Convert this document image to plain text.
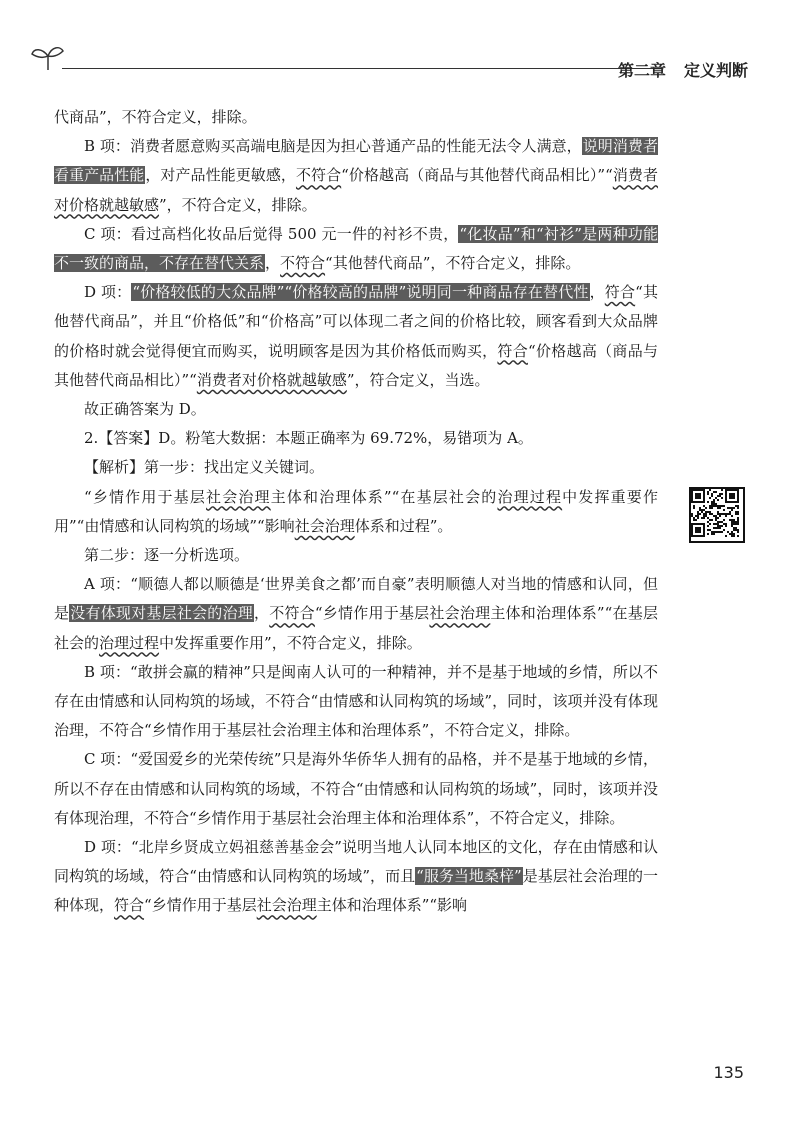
第二章 定义判断

代商品”，不符合定义，排除。

B 项：消费者愿意购买高端电脑是因为担心普通产品的性能无法令人满意，说明消费者看重产品性能，对产品性能更敏感，不符合“价格越高（商品与其他替代商品相比）”“消费者对价格就越敏感”，不符合定义，排除。

C 项：看过高档化妆品后觉得 500 元一件的衬衫不贵，“化妆品”和“衬衫”是两种功能不一致的商品，不存在替代关系，不符合“其他替代商品”，不符合定义，排除。

D 项：“价格较低的大众品牌”“价格较高的品牌”说明同一种商品存在替代性，符合“其他替代商品”，并且“价格低”和“价格高”可以体现二者之间的价格比较，顾客看到大众品牌的价格时就会觉得便宜而购买，说明顾客是因为其价格低而购买，符合“价格越高（商品与其他替代商品相比）”“消费者对价格就越敏感”，符合定义，当选。

故正确答案为 D。

2.【答案】D。粉笔大数据：本题正确率为 69.72%，易错项为 A。

【解析】第一步：找出定义关键词。

“乡情作用于基层社会治理主体和治理体系”“在基层社会的治理过程中发挥重要作用”“由情感和认同构筑的场域”“影响社会治理体系和过程”。

第二步：逐一分析选项。

A 项：“顺德人都以顺德是‘世界美食之都’而自豪”表明顺德人对当地的情感和认同，但是没有体现对基层社会的治理，不符合“乡情作用于基层社会治理主体和治理体系”“在基层社会的治理过程中发挥重要作用”，不符合定义，排除。

B 项：“敢拼会赢的精神”只是闽南人认可的一种精神，并不是基于地域的乡情，所以不存在由情感和认同构筑的场域，不符合“由情感和认同构筑的场域”，同时，该项并没有体现治理，不符合“乡情作用于基层社会治理主体和治理体系”，不符合定义，排除。

C 项：“爱国爱乡的光荣传统”只是海外华侨华人拥有的品格，并不是基于地域的乡情，所以不存在由情感和认同构筑的场域，不符合“由情感和认同构筑的场域”，同时，该项并没有体现治理，不符合“乡情作用于基层社会治理主体和治理体系”，不符合定义，排除。

D 项：“北岸乡贤成立妈祖慈善基金会”说明当地人认同本地区的文化，存在由情感和认同构筑的场域，符合“由情感和认同构筑的场域”，而且“服务当地桑梓”是基层社会治理的一种体现，符合“乡情作用于基层社会治理主体和治理体系”“影响

135
